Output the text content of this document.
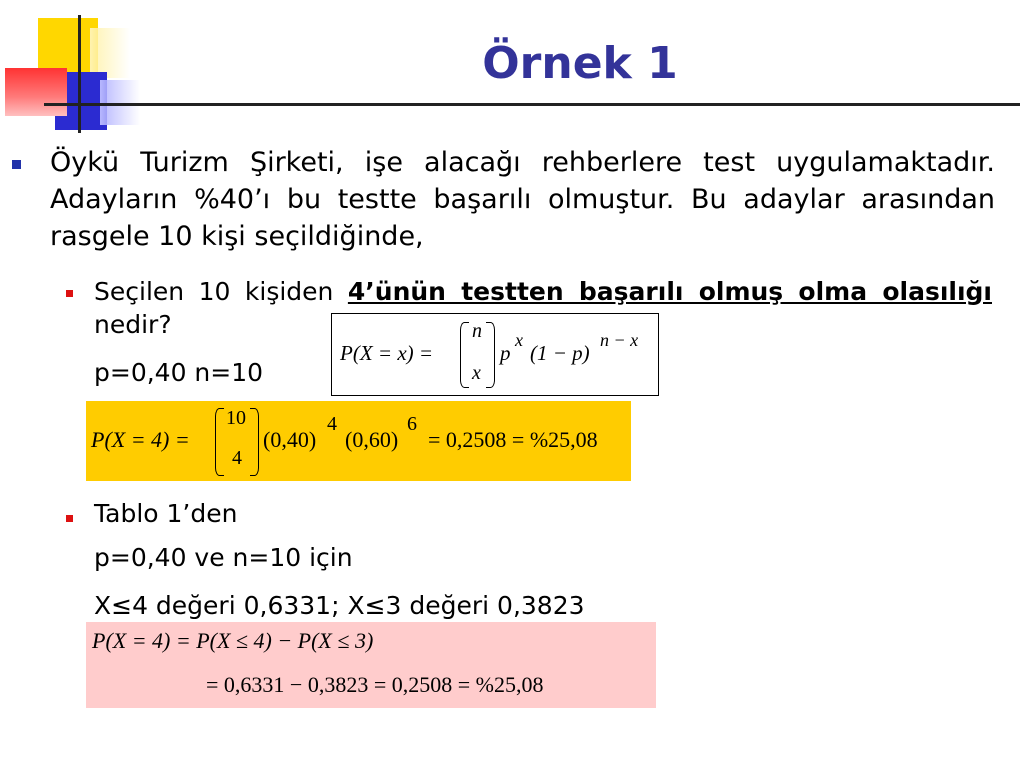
Örnek 1
Öykü Turizm Şirketi, işe alacağı rehberlere test uygulamaktadır. Adayların %40’ı bu testte başarılı olmuştur. Bu adaylar arasından rasgele 10 kişi seçildiğinde,
Seçilen 10 kişiden 4’ünün testten başarılı olmuş olma olasılığı nedir?
p=0,40 n=10
P(X = x) =
n
x
p
x
(1 − p)
n − x
P(X = 4) =
10
4
(0,40)
4
(0,60)
6
= 0,2508 = %25,08
Tablo 1’den
p=0,40 ve n=10 için
X≤4 değeri 0,6331; X≤3 değeri 0,3823
P(X = 4) = P(X ≤ 4) − P(X ≤ 3)
= 0,6331 − 0,3823 = 0,2508 = %25,08
